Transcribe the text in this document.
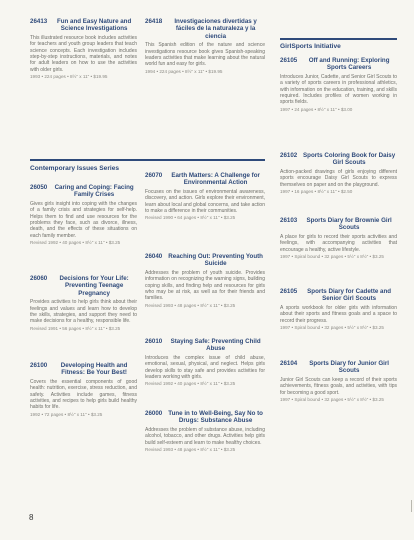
26413	Fun and Easy Nature and Science Investigations
This illustrated resource book includes activities for teachers and youth group leaders that teach science concepts. Each investigation includes step-by-step instructions, materials, and notes for adult leaders on how to use the activities with older girls.
1993 • 224 pages • 8½" x 11" • $19.95
Contemporary Issues Series
26050	Caring and Coping: Facing Family Crises
Gives girls insight into coping with the changes of a family crisis and strategies for self-help. Helps them to find and use resources for the problems they face, such as divorce, illness, death, and the effects of these situations on each family member.
Revised 1992 • 40 pages • 8½" x 11" • $3.25
26060	Decisions for Your Life: Preventing Teenage Pregnancy
Provides activities to help girls think about their feelings and values and learn how to develop the skills, strategies, and support they need to make decisions for a healthy, responsible life.
Revised 1991 • 56 pages • 8½" x 11" • $3.25
26100	Developing Health and Fitness: Be Your Best!
Covers the essential components of good health: nutrition, exercise, stress reduction, and safety. Activities include games, fitness activities, and recipes to help girls build healthy habits for life.
1992 • 72 pages • 8½" x 11" • $3.25
26418	Investigaciones divertidas y fáciles de la naturaleza y la ciencia
This Spanish edition of the nature and science investigations resource book gives Spanish-speaking leaders activities that make learning about the natural world fun and easy for girls.
1994 • 224 pages • 8½" x 11" • $19.95
26070	Earth Matters: A Challenge for Environmental Action
Focuses on the issues of environmental awareness, discovery, and action. Girls explore their environment, learn about local and global concerns, and take action to make a difference in their communities.
Revised 1990 • 64 pages • 8½" x 11" • $3.25
26040 Reaching Out: Preventing Youth Suicide
Addresses the problem of youth suicide. Provides information on recognizing the warning signs, building coping skills, and finding help and resources for girls who may be at risk, as well as for their friends and families.
Revised 1993 • 48 pages • 8½" x 11" • $3.25
26010	Staying Safe: Preventing Child Abuse
Introduces the complex issue of child abuse, emotional, sexual, physical, and neglect. Helps girls develop skills to stay safe and provides activities for leaders working with girls.
Revised 1992 • 40 pages • 8½" x 11" • $3.25
26000 Tune in to Well-Being, Say No to Drugs: Substance Abuse
Addresses the problem of substance abuse, including alcohol, tobacco, and other drugs. Activities help girls build self-esteem and learn to make healthy choices.
Revised 1993 • 48 pages • 8½" x 11" • $3.25
GirlSports Initiative
26105	Off and Running: Exploring Sports Careers
Introduces Junior, Cadette, and Senior Girl Scouts to a variety of sports careers in professional athletics, with information on the education, training, and skills required. Includes profiles of women working in sports fields.
1997 • 24 pages • 8½" x 11" • $3.00
26102 Sports Coloring Book for Daisy Girl Scouts
Action-packed drawings of girls enjoying different sports encourage Daisy Girl Scouts to express themselves on paper and on the playground.
1997 • 16 pages • 8½" x 11" • $2.50
26103	Sports Diary for Brownie Girl Scouts
A place for girls to record their sports activities and feelings, with accompanying activities that encourage a healthy, active lifestyle.
1997 • Spiral bound • 32 pages • 5½" x 8½" • $3.25
26105	Sports Diary for Cadette and Senior Girl Scouts
A sports workbook for older girls with information about their sports and fitness goals and a space to record their progress.
1997 • Spiral bound • 32 pages • 5½" x 8½" • $3.25
26104	Sports Diary for Junior Girl Scouts
Junior Girl Scouts can keep a record of their sports achievements, fitness goals, and activities, with tips for becoming a good sport.
1997 • Spiral bound • 32 pages • 5½" x 8½" • $3.25
8
